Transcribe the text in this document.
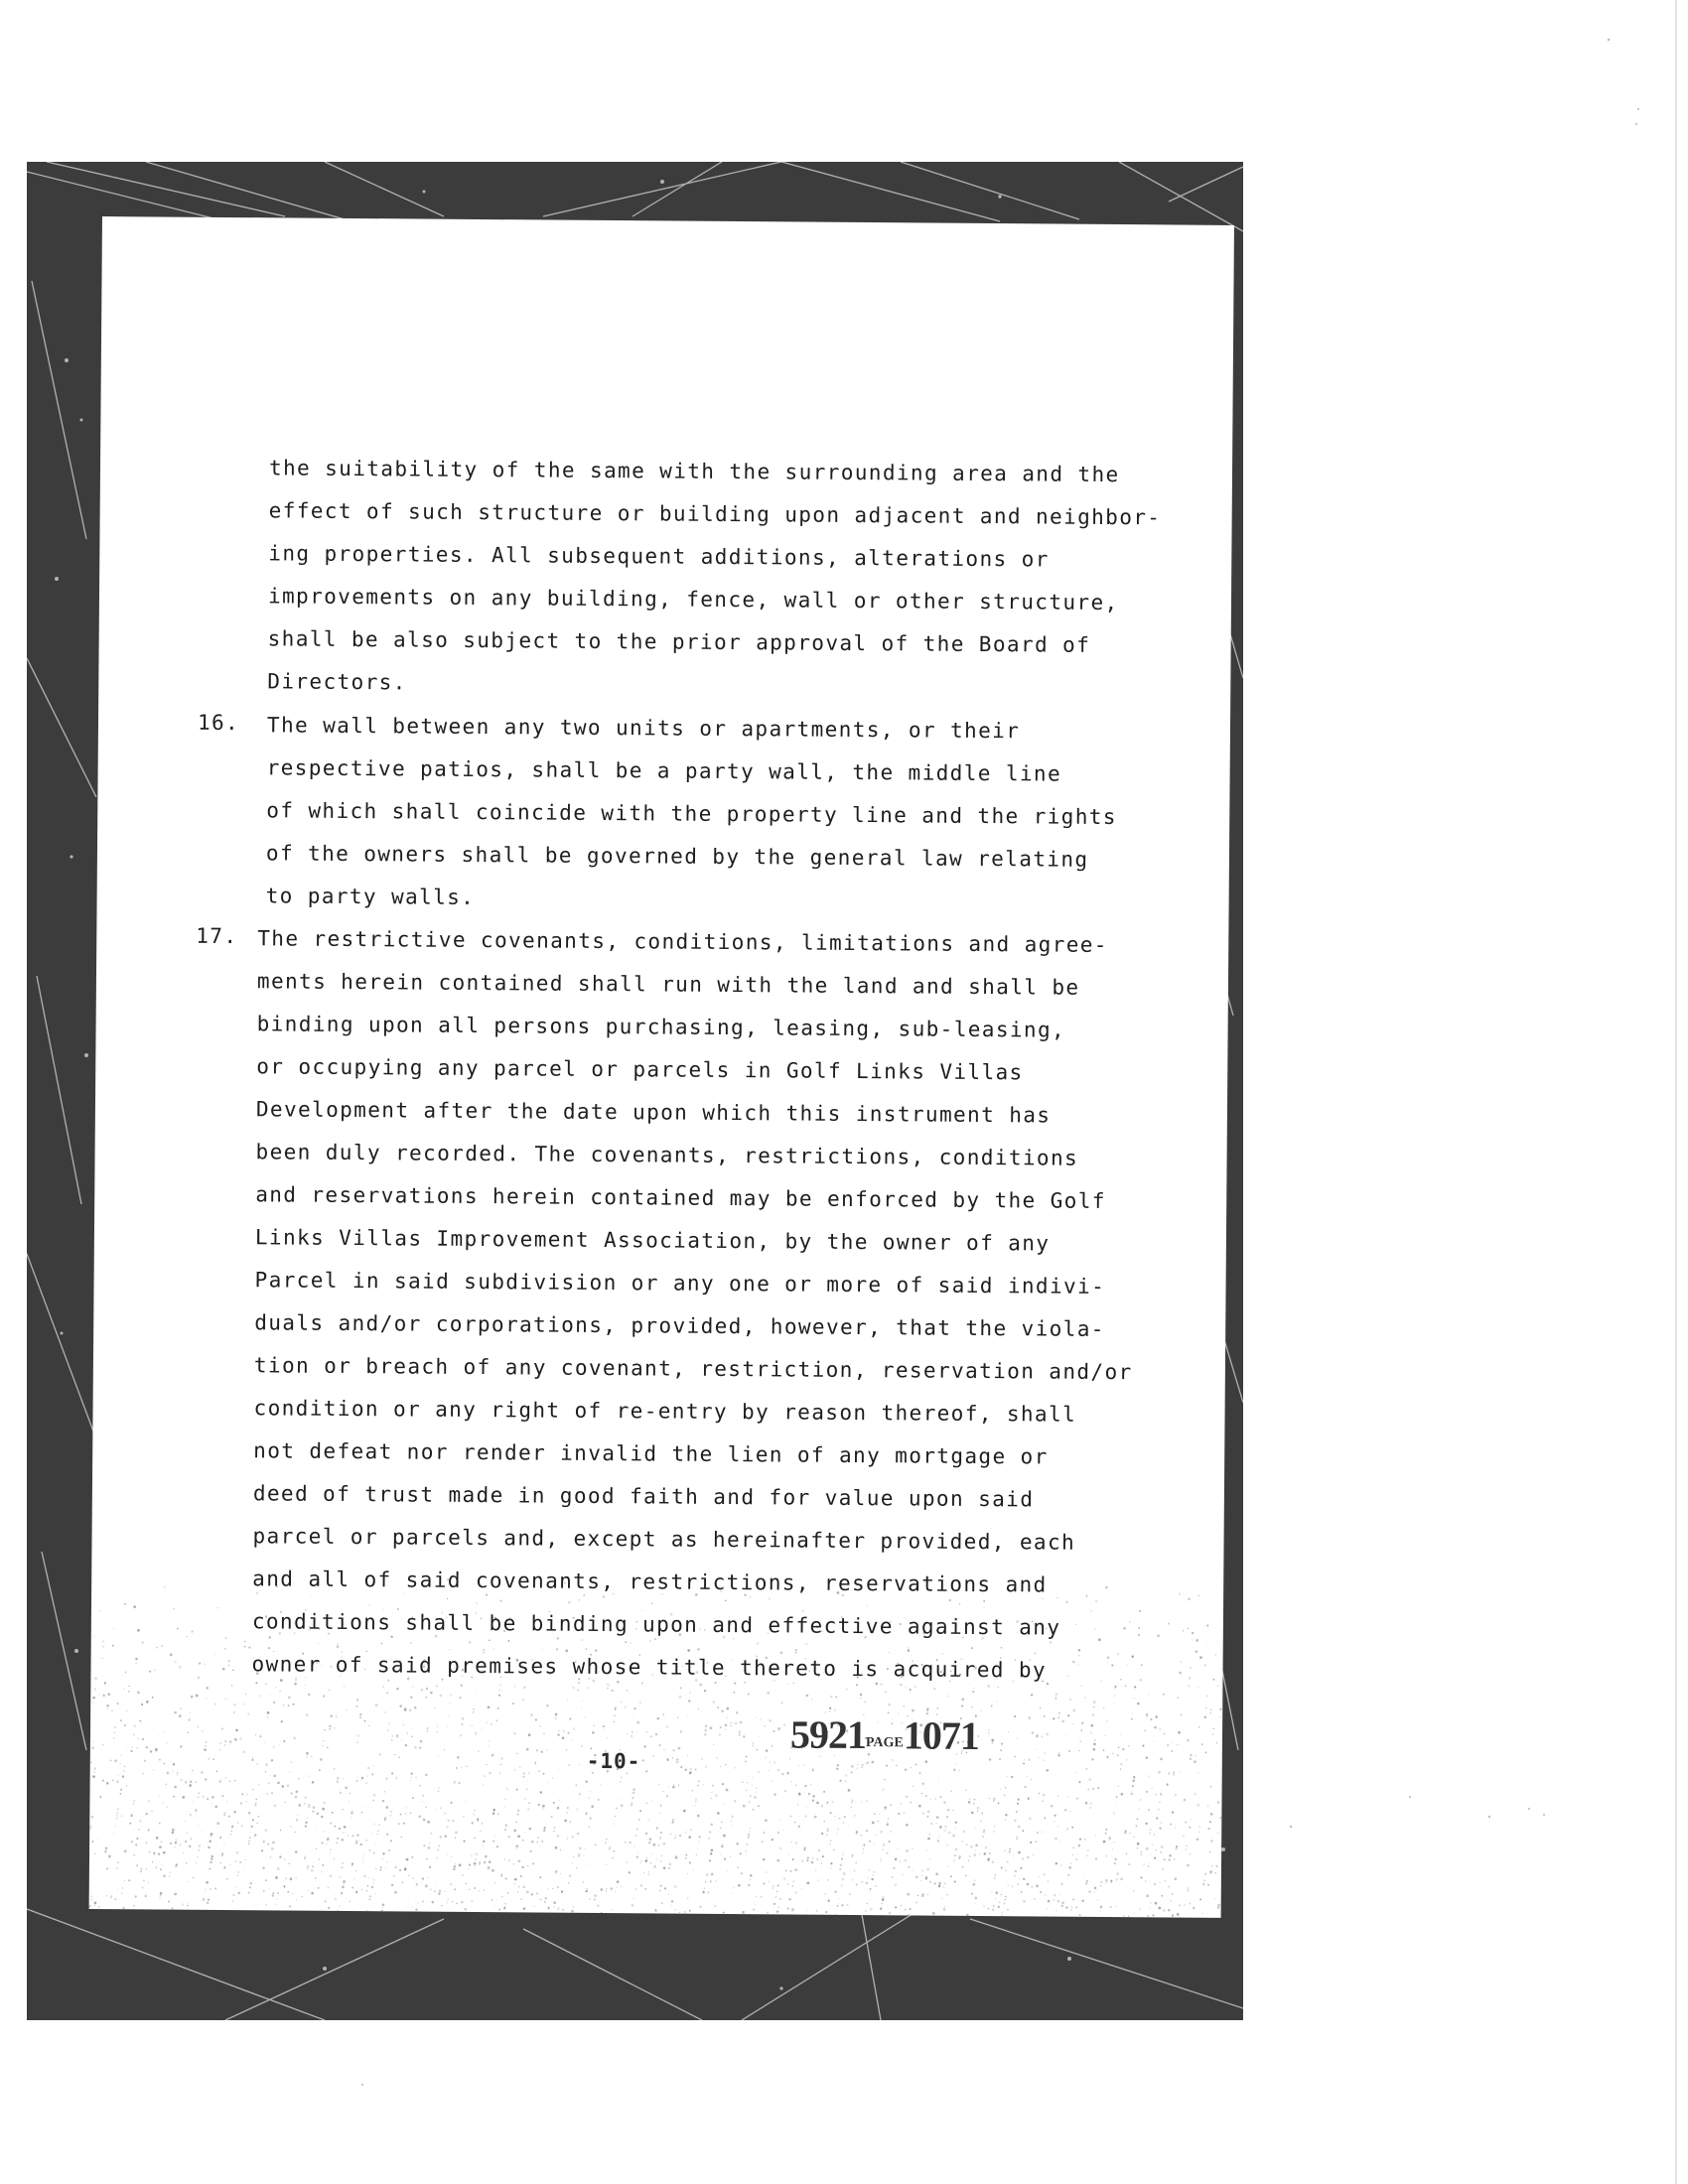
the suitability of the same with the surrounding area and the
effect of such structure or building upon adjacent and neighbor-
ing properties. All subsequent additions, alterations or
improvements on any building, fence, wall or other structure,
shall be also subject to the prior approval of the Board of
Directors.
16. The wall between any two units or apartments, or their
respective patios, shall be a party wall, the middle line
of which shall coincide with the property line and the rights
of the owners shall be governed by the general law relating
to party walls.
17. The restrictive covenants, conditions, limitations and agree-
ments herein contained shall run with the land and shall be
binding upon all persons purchasing, leasing, sub-leasing,
or occupying any parcel or parcels in Golf Links Villas
Development after the date upon which this instrument has
been duly recorded. The covenants, restrictions, conditions
and reservations herein contained may be enforced by the Golf
Links Villas Improvement Association, by the owner of any
Parcel in said subdivision or any one or more of said indivi-
duals and/or corporations, provided, however, that the viola-
tion or breach of any covenant, restriction, reservation and/or
condition or any right of re-entry by reason thereof, shall
not defeat nor render invalid the lien of any mortgage or
deed of trust made in good faith and for value upon said
parcel or parcels and, except as hereinafter provided, each
and all of said covenants, restrictions, reservations and
conditions shall be binding upon and effective against any
owner of said premises whose title thereto is acquired by
-10-
5921PAGE1071
